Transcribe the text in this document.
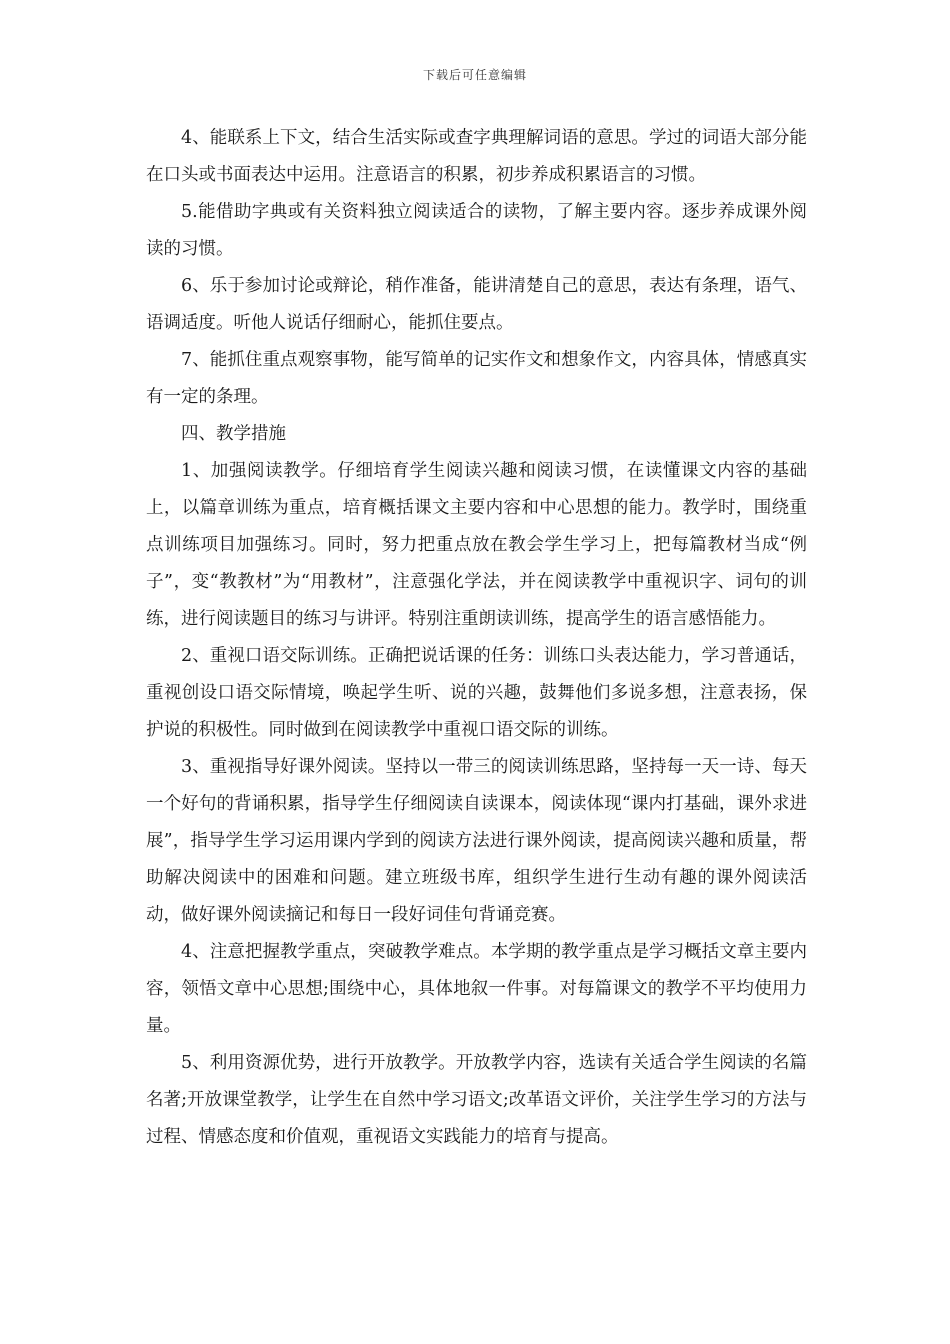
下载后可任意编辑

4、能联系上下文，结合生活实际或查字典理解词语的意思。学过的词语大部分能在口头或书面表达中运用。注意语言的积累，初步养成积累语言的习惯。

5.能借助字典或有关资料独立阅读适合的读物，了解主要内容。逐步养成课外阅读的习惯。

6、乐于参加讨论或辩论，稍作准备，能讲清楚自己的意思，表达有条理，语气、语调适度。听他人说话仔细耐心，能抓住要点。

7、能抓住重点观察事物，能写简单的记实作文和想象作文，内容具体，情感真实有一定的条理。

四、教学措施

1、加强阅读教学。仔细培育学生阅读兴趣和阅读习惯，在读懂课文内容的基础上，以篇章训练为重点，培育概括课文主要内容和中心思想的能力。教学时，围绕重点训练项目加强练习。同时，努力把重点放在教会学生学习上，把每篇教材当成“例子”，变“教教材”为“用教材”，注意强化学法，并在阅读教学中重视识字、词句的训练，进行阅读题目的练习与讲评。特别注重朗读训练，提高学生的语言感悟能力。

2、重视口语交际训练。正确把说话课的任务：训练口头表达能力，学习普通话，重视创设口语交际情境，唤起学生听、说的兴趣，鼓舞他们多说多想，注意表扬，保护说的积极性。同时做到在阅读教学中重视口语交际的训练。

3、重视指导好课外阅读。坚持以一带三的阅读训练思路，坚持每一天一诗、每天一个好句的背诵积累，指导学生仔细阅读自读课本，阅读体现“课内打基础，课外求进展”，指导学生学习运用课内学到的阅读方法进行课外阅读，提高阅读兴趣和质量，帮助解决阅读中的困难和问题。建立班级书库，组织学生进行生动有趣的课外阅读活动，做好课外阅读摘记和每日一段好词佳句背诵竞赛。

4、注意把握教学重点，突破教学难点。本学期的教学重点是学习概括文章主要内容，领悟文章中心思想;围绕中心，具体地叙一件事。对每篇课文的教学不平均使用力量。

5、利用资源优势，进行开放教学。开放教学内容，选读有关适合学生阅读的名篇名著;开放课堂教学，让学生在自然中学习语文;改革语文评价，关注学生学习的方法与过程、情感态度和价值观，重视语文实践能力的培育与提高。
